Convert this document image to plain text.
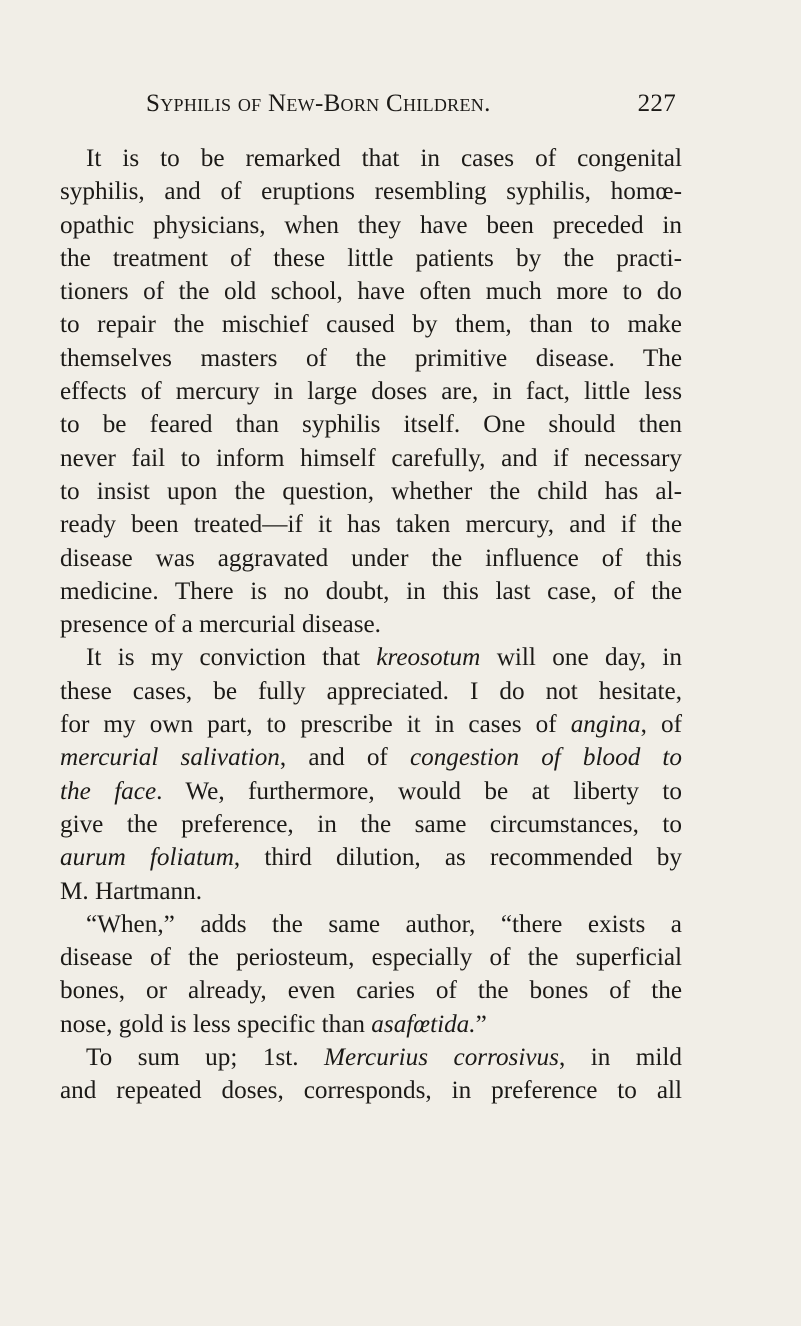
Syphilis of New-Born Children.	227
It is to be remarked that in cases of congenital
syphilis, and of eruptions resembling syphilis, homœ-
opathic physicians, when they have been preceded in
the treatment of these little patients by the practi-
tioners of the old school, have often much more to do
to repair the mischief caused by them, than to make
themselves masters of the primitive disease. The
effects of mercury in large doses are, in fact, little less
to be feared than syphilis itself. One should then
never fail to inform himself carefully, and if necessary
to insist upon the question, whether the child has al-
ready been treated—if it has taken mercury, and if the
disease was aggravated under the influence of this
medicine. There is no doubt, in this last case, of the
presence of a mercurial disease.
It is my conviction that kreosotum will one day, in
these cases, be fully appreciated. I do not hesitate,
for my own part, to prescribe it in cases of angina, of
mercurial salivation, and of congestion of blood to
the face. We, furthermore, would be at liberty to
give the preference, in the same circumstances, to
aurum foliatum, third dilution, as recommended by
M. Hartmann.
“When,” adds the same author, “there exists a
disease of the periosteum, especially of the superficial
bones, or already, even caries of the bones of the
nose, gold is less specific than asafœtida.”
To sum up; 1st. Mercurius corrosivus, in mild
and repeated doses, corresponds, in preference to all
